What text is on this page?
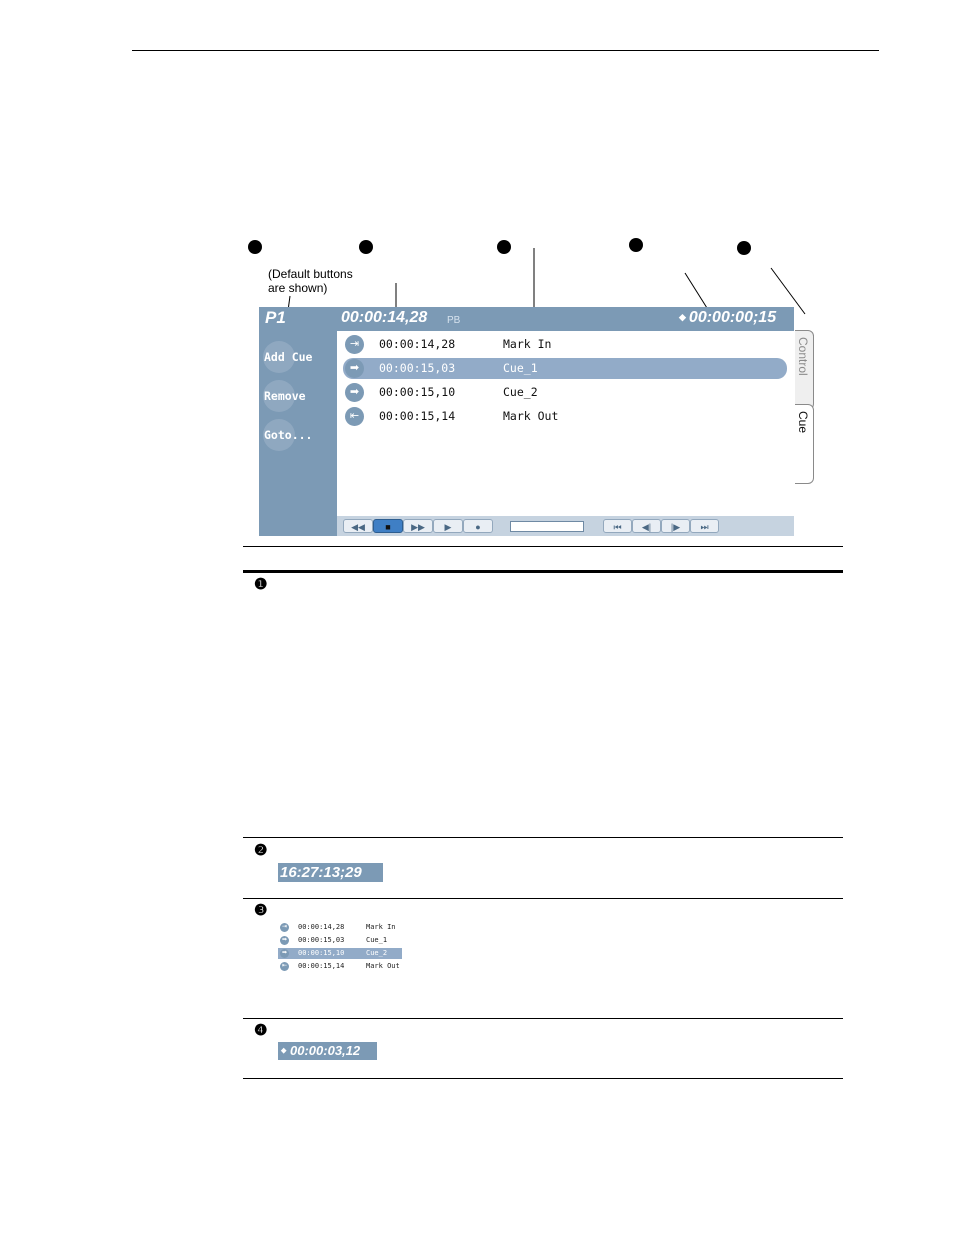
(Default buttons
are shown)
P1	00:00:14,28 PB	◆ 00:00:00;15
Add Cue
Remove
Goto...
⇥	00:00:14,28	Mark In
➡	00:00:15,03	Cue_1
➡	00:00:15,10	Cue_2
⇤	00:00:15,14	Mark Out
◀◀	■	▶▶	▶	●	⏮	◀|	|▶	⏭
Control
Cue
❶
❷
16:27:13;29
❸
⇥ 00:00:14,28	Mark In
➡ 00:00:15,03	Cue_1
➡ 00:00:15,10	Cue_2
⇤ 00:00:15,14	Mark Out
❹
◆ 00:00:03,12
